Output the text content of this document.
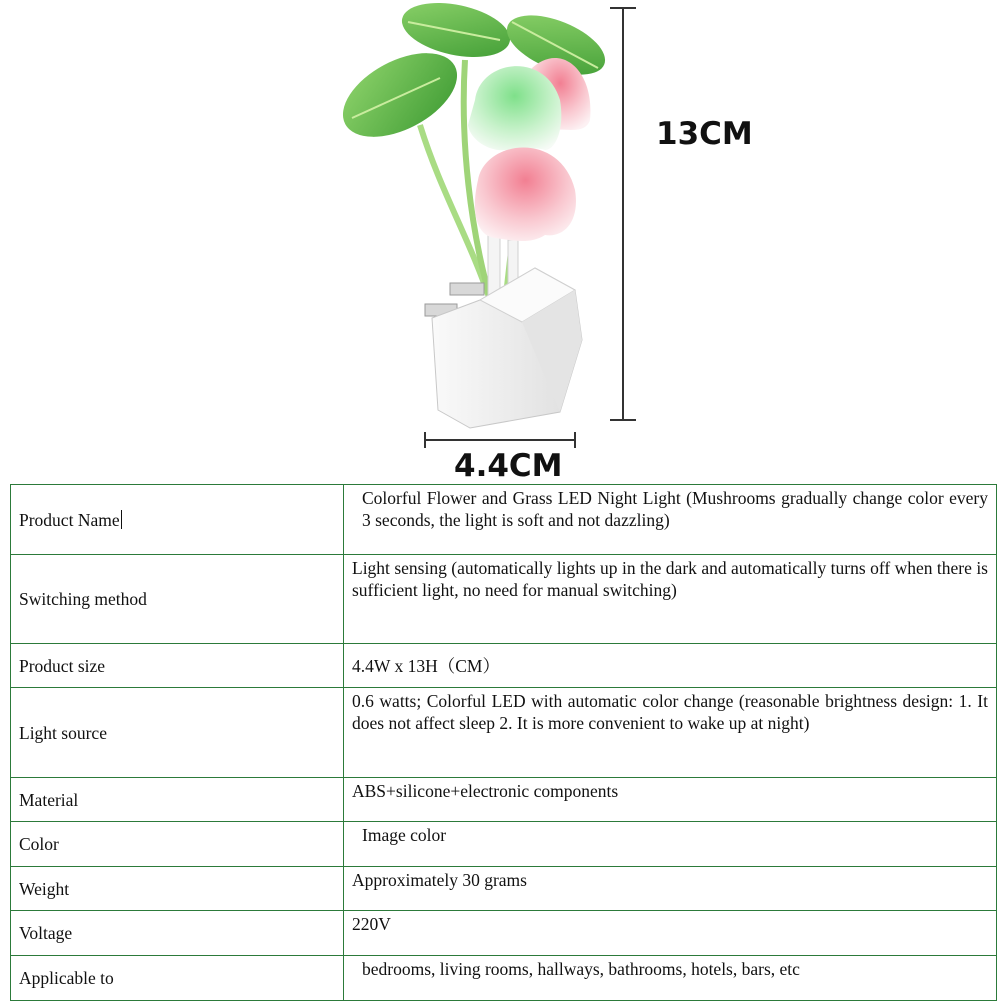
13CM
4.4CM
Product Name	Colorful Flower and Grass LED Night Light (Mushrooms gradually change color every 3 seconds, the light is soft and not dazzling)
Switching method	Light sensing (automatically lights up in the dark and automatically turns off when there is sufficient light, no need for manual switching)
Product size	4.4W x 13H（CM）
Light source	0.6 watts; Colorful LED with automatic color change (reasonable brightness design: 1. It does not affect sleep 2. It is more convenient to wake up at night)
Material	ABS+silicone+electronic components
Color	Image color
Weight	Approximately 30 grams
Voltage	220V
Applicable to	bedrooms, living rooms, hallways, bathrooms, hotels, bars, etc
